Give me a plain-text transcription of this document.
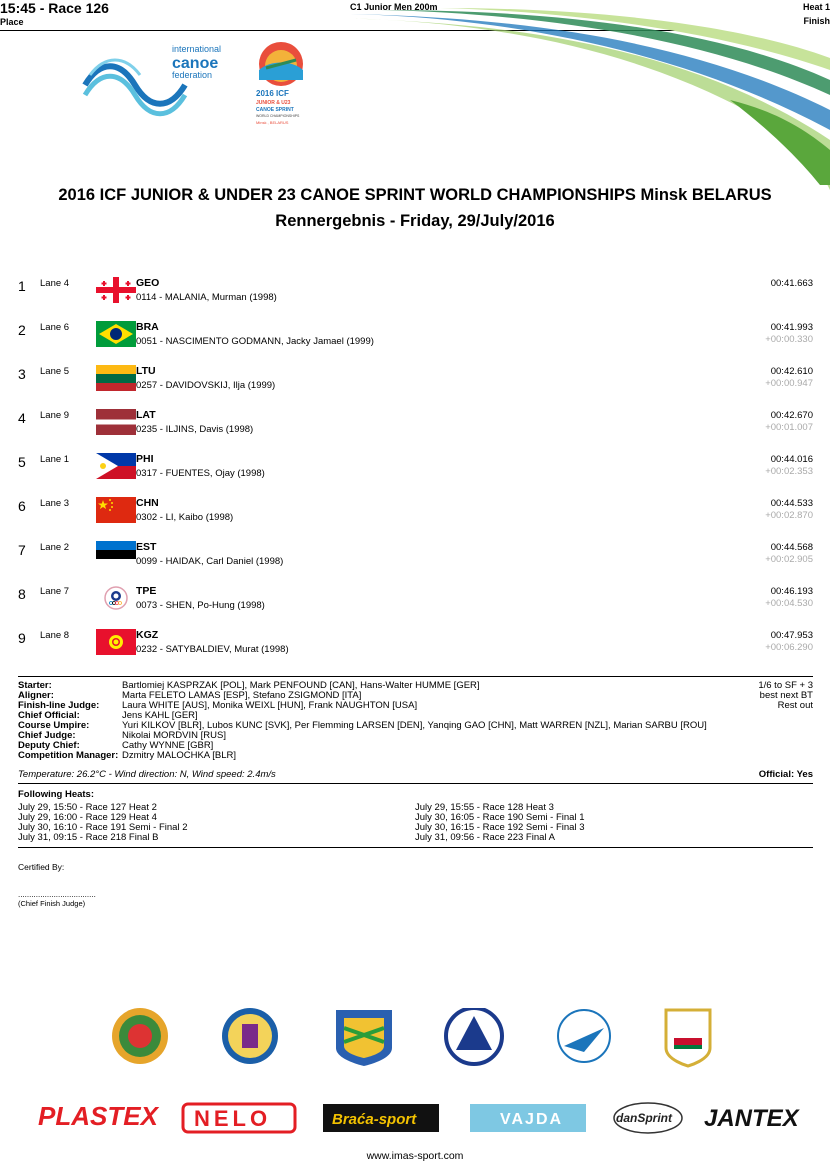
international
canoe
federation
2016 ICF
JUNIOR & U23
CANOE SPRINT
WORLD CHAMPIONSHIPS
Minsk , BELARUS
2016 ICF JUNIOR & UNDER 23 CANOE SPRINT WORLD CHAMPIONSHIPS Minsk BELARUS
Rennergebnis - Friday, 29/July/2016
15:45 - Race 126
Place
C1 Junior Men 200m	Heat 1
Finish
1 Lane 4	GEO
0114 - MALANIA, Murman (1998)
00:41.663
2 Lane 6	BRA
0051 - NASCIMENTO GODMANN, Jacky Jamael (1999)
00:41.993
+00:00.330
3 Lane 5	LTU
0257 - DAVIDOVSKIJ, Ilja (1999)
00:42.610
+00:00.947
4 Lane 9	LAT
0235 - ILJINS, Davis (1998)
00:42.670
+00:01.007
5 Lane 1	PHI
0317 - FUENTES, Ojay (1998)
00:44.016
+00:02.353
6 Lane 3	CHN
0302 - LI, Kaibo (1998)
00:44.533
+00:02.870
7 Lane 2	EST
0099 - HAIDAK, Carl Daniel (1998)
00:44.568
+00:02.905
8 Lane 7	TPE
0073 - SHEN, Po-Hung (1998)
00:46.193
+00:04.530
9 Lane 8	KGZ
0232 - SATYBALDIEV, Murat (1998)
00:47.953
+00:06.290
Starter:	Bartlomiej KASPRZAK [POL], Mark PENFOUND [CAN], Hans-Walter HUMME [GER]
Aligner:	Marta FELETO LAMAS [ESP], Stefano ZSIGMOND [ITA]
Finish-line Judge: Laura WHITE [AUS], Monika WEIXL [HUN], Frank NAUGHTON [USA]
Chief Official:	Jens KAHL [GER]
Course Umpire:	Yuri KILKOV [BLR], Lubos KUNC [SVK], Per Flemming LARSEN [DEN], Yanqing GAO [CHN], Matt WARREN [NZL], Marian SARBU [ROU]
Chief Judge:	Nikolai MORDVIN [RUS]
Deputy Chief:	Cathy WYNNE [GBR]
Competition Manager: Dzmitry MALOCHKA [BLR]
1/6 to SF + 3
best next BT
Rest out
Temperature: 26.2°C - Wind direction: N, Wind speed: 2.4m/s	Official: Yes
Following Heats:
July 29, 15:50 - Race 127 Heat 2
July 29, 16:00 - Race 129 Heat 4
July 30, 16:10 - Race 191 Semi - Final 2
July 31, 09:15 - Race 218 Final B
July 29, 15:55 - Race 128 Heat 3
July 30, 16:05 - Race 190 Semi - Final 1
July 30, 16:15 - Race 192 Semi - Final 3
July 31, 09:56 - Race 223 Final A
Certified By:
...................................
(Chief Finish Judge)
PLASTEX NELO	Braća-sport	VAJDA	danSprint JANTEX
www.imas-sport.com
